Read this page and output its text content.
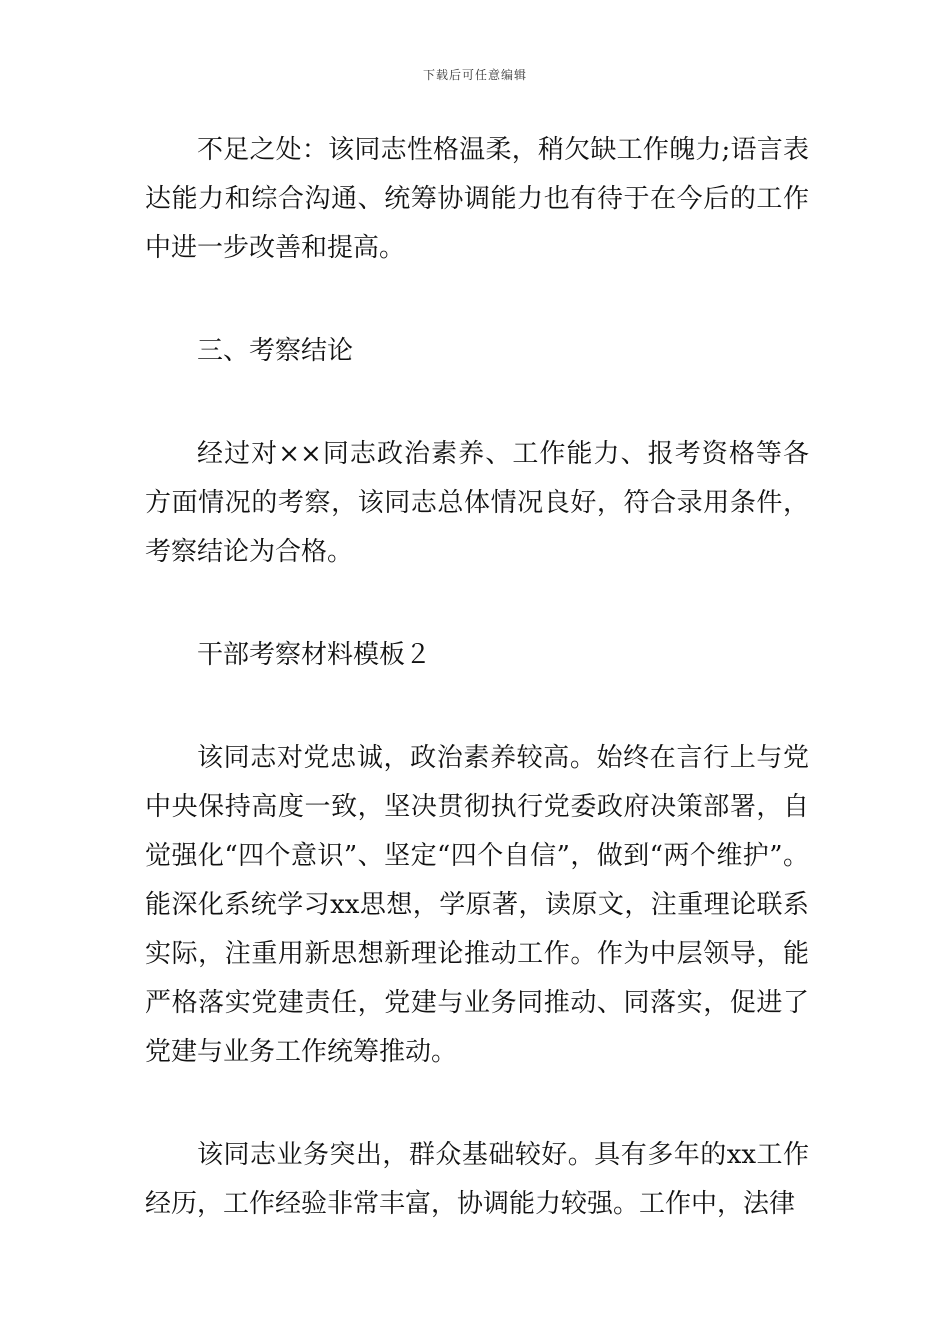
下载后可任意编辑

不足之处：该同志性格温柔，稍欠缺工作魄力;语言表达能力和综合沟通、统筹协调能力也有待于在今后的工作中进一步改善和提高。

三、考察结论

经过对××同志政治素养、工作能力、报考资格等各方面情况的考察，该同志总体情况良好，符合录用条件，考察结论为合格。

干部考察材料模板２

该同志对党忠诚，政治素养较高。始终在言行上与党中央保持高度一致，坚决贯彻执行党委政府决策部署，自觉强化“四个意识”、坚定“四个自信”，做到“两个维护”。能深化系统学习xx思想，学原著，读原文，注重理论联系实际，注重用新思想新理论推动工作。作为中层领导，能严格落实党建责任，党建与业务同推动、同落实，促进了党建与业务工作统筹推动。

该同志业务突出，群众基础较好。具有多年的xx工作经历，工作经验非常丰富，协调能力较强。工作中，法律
